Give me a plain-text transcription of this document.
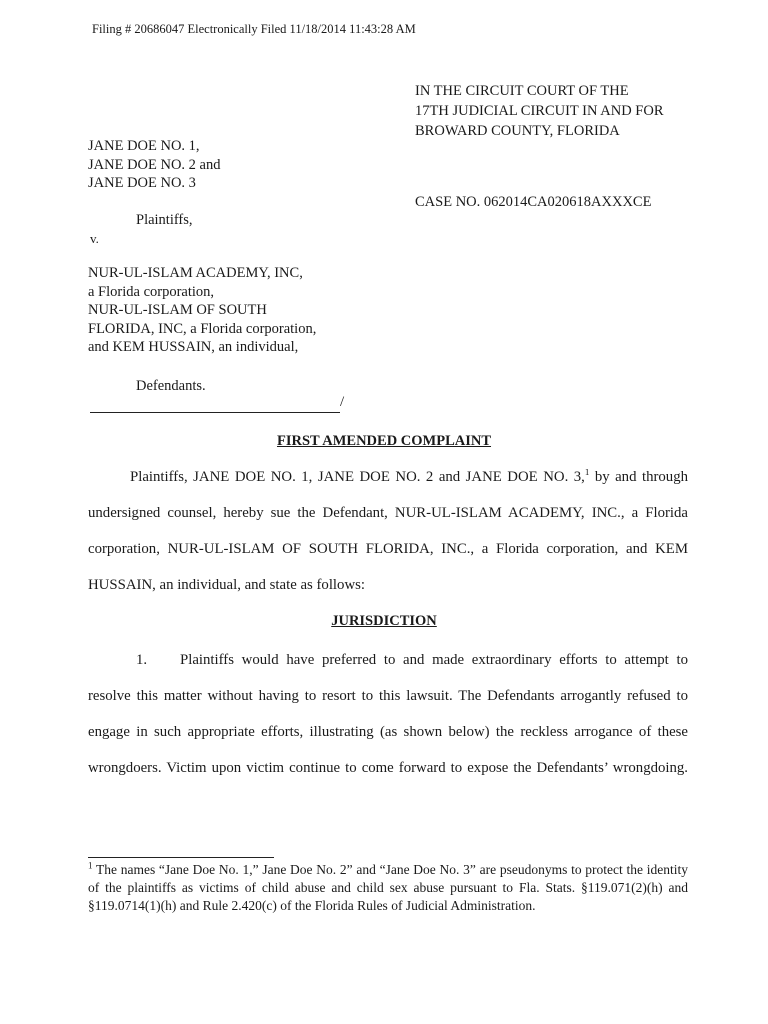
Filing # 20686047 Electronically Filed 11/18/2014 11:43:28 AM
IN THE CIRCUIT COURT OF THE
17TH JUDICIAL CIRCUIT IN AND FOR
BROWARD COUNTY, FLORIDA
JANE DOE NO. 1,
JANE DOE NO. 2 and
JANE DOE NO. 3
CASE NO. 062014CA020618AXXXCE
Plaintiffs,
v.
NUR-UL-ISLAM ACADEMY, INC,
a Florida corporation,
NUR-UL-ISLAM OF SOUTH
FLORIDA, INC, a Florida corporation,
and KEM HUSSAIN, an individual,
Defendants.
/
FIRST AMENDED COMPLAINT
Plaintiffs, JANE DOE NO. 1, JANE DOE NO. 2 and JANE DOE NO. 3,$^1$ by and through
undersigned counsel, hereby sue the Defendant, NUR-UL-ISLAM ACADEMY, INC., a Florida
corporation, NUR-UL-ISLAM OF SOUTH FLORIDA, INC., a Florida corporation, and KEM
HUSSAIN, an individual, and state as follows:
JURISDICTION
1. Plaintiffs would have preferred to and made extraordinary efforts to attempt to
resolve this matter without having to resort to this lawsuit. The Defendants arrogantly refused to
engage in such appropriate efforts, illustrating (as shown below) the reckless arrogance of these
wrongdoers. Victim upon victim continue to come forward to expose the Defendants’ wrongdoing.
$^1$ The names “Jane Doe No. 1,” Jane Doe No. 2” and “Jane Doe No. 3” are pseudonyms to protect the identity of the plaintiffs as victims of child abuse and child sex abuse pursuant to Fla. Stats. §119.071(2)(h) and §119.0714(1)(h) and Rule 2.420(c) of the Florida Rules of Judicial Administration.
